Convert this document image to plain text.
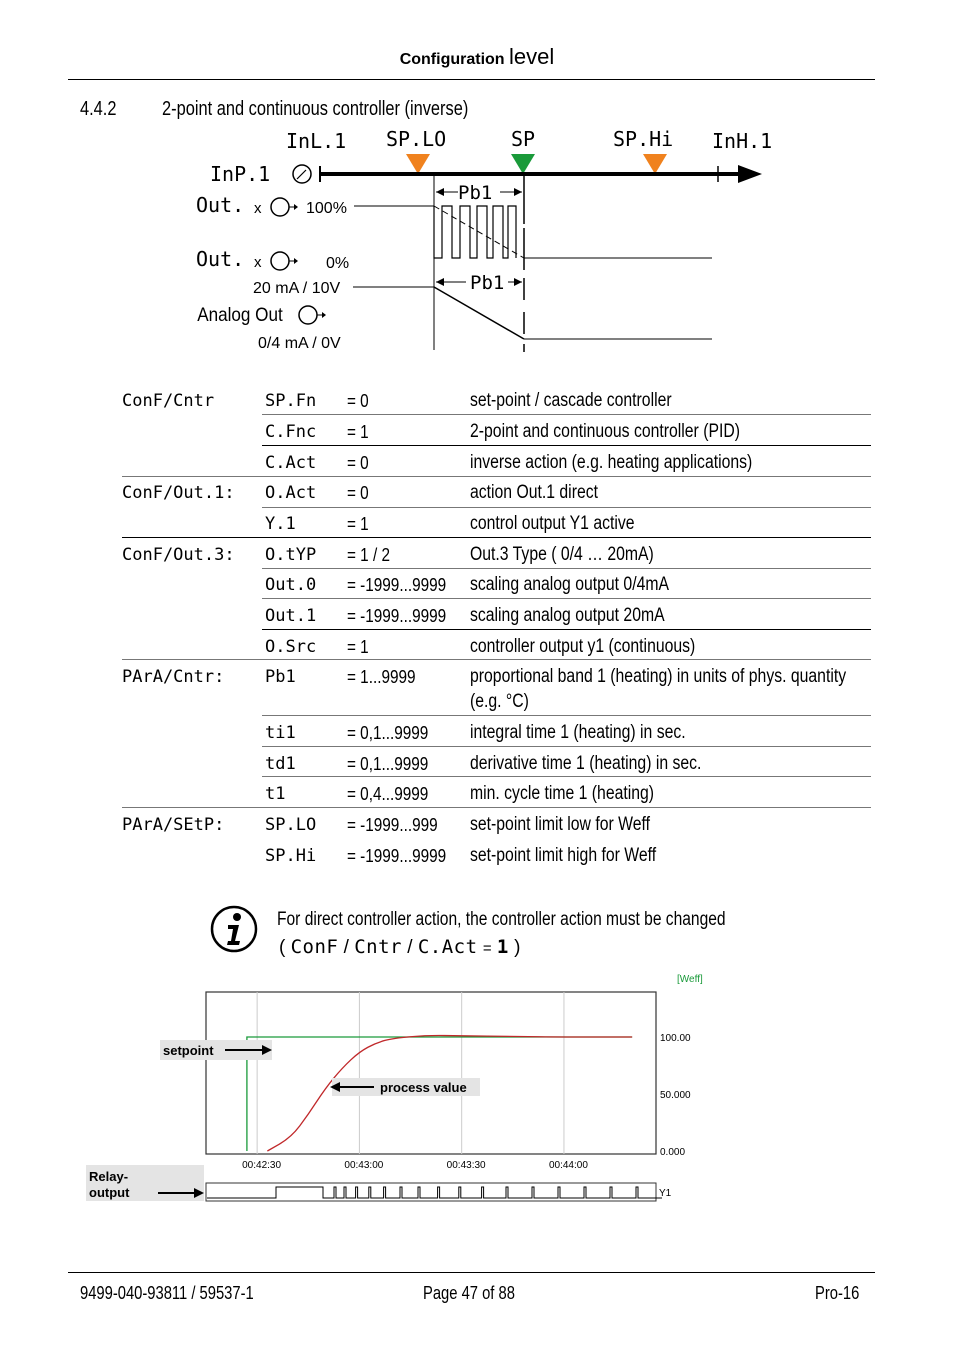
Configuration level
4.4.2 2-point and continuous controller (inverse)
InL.1 SP.LO	SP	SP.Hi InH.1
InP.1
Out.
Out.
x
x
100%
0%
Pb1
20 mA / 10V	Pb1
Analog Out
0/4 mA / 0V
ConF/Cntr	SP.Fn = 0	set-point / cascade controller
C.Fnc = 1	2-point and continuous controller (PID)
C.Act = 0	inverse action (e.g. heating applications)
ConF/Out.1: O.Act = 0	action Out.1 direct
Y.1	= 1	control output Y1 active
ConF/Out.3: O.tYP = 1 / 2	Out.3 Type ( 0/4 … 20mA)
Out.0 = -1999...9999 scaling analog output 0/4mA
Out.1 = -1999...9999 scaling analog output 20mA
O.Src = 1	controller output y1 (continuous)
PArA/Cntr: Pb1	= 1...9999	proportional band 1 (heating) in units of phys. quantity
(e.g. °C)
ti1	= 0,1...9999 integral time 1 (heating) in sec.
td1	= 0,1...9999 derivative time 1 (heating) in sec.
t1	= 0,4...9999 min. cycle time 1 (heating)
PArA/SEtP: SP.LO = -1999...999 set-point limit low for Weff
SP.Hi = -1999...9999 set-point limit high for Weff
For direct controller action, the controller action must be changed
( ConF / Cntr / C.Act = 1 )
[Weff]
100.00
50.000
0.000
00:42:30	00:43:00	00:43:30	00:44:00
setpoint
process value
Relay-
output	Y1
9499-040-93811 / 59537-1	Page 47 of 88	Pro-16
